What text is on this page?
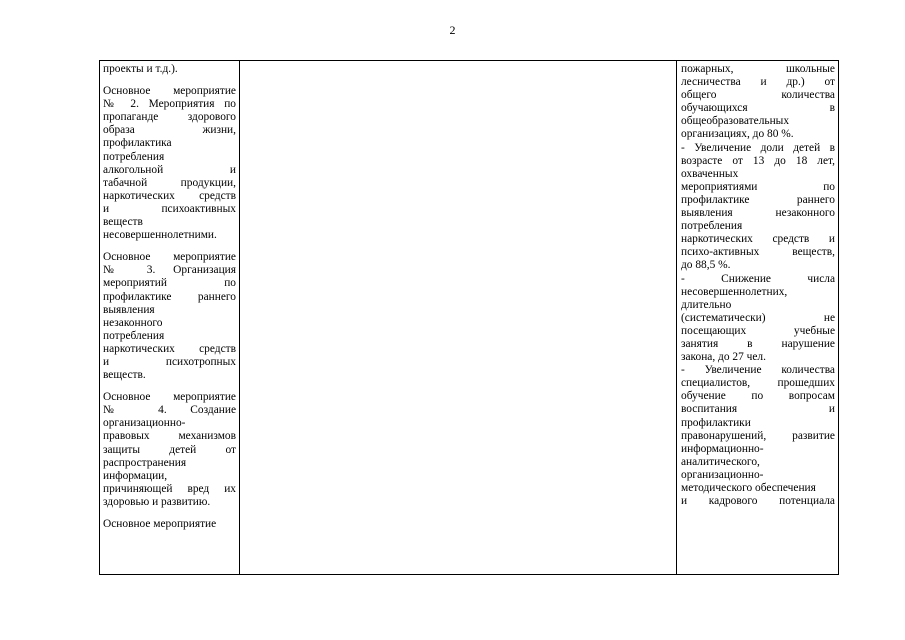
2
проекты и т.д.).
Основное мероприятие
№ 2. Мероприятия по
пропаганде здорового
образа жизни,
профилактика
потребления
алкогольной и
табачной продукции,
наркотических средств
и психоактивных
веществ
несовершеннолетними.
Основное мероприятие
№ 3. Организация
мероприятий по
профилактике раннего
выявления
незаконного
потребления
наркотических средств
и психотропных
веществ.
Основное мероприятие
№ 4. Создание
организационно-
правовых механизмов
защиты детей от
распространения
информации,
причиняющей вред их
здоровью и развитию.
Основное мероприятие
пожарных, школьные
лесничества и др.) от
общего количества
обучающихся в
общеобразовательных
организациях, до 80 %.
- Увеличение доли детей в
возрасте от 13 до 18 лет,
охваченных
мероприятиями по
профилактике раннего
выявления незаконного
потребления
наркотических средств и
психо-активных веществ,
до 88,5 %.
- Снижение числа
несовершеннолетних,
длительно
(систематически) не
посещающих учебные
занятия в нарушение
закона, до 27 чел.
- Увеличение количества
специалистов, прошедших
обучение по вопросам
воспитания и
профилактики
правонарушений, развитие
информационно-
аналитического,
организационно-
методического обеспечения
и кадрового потенциала
